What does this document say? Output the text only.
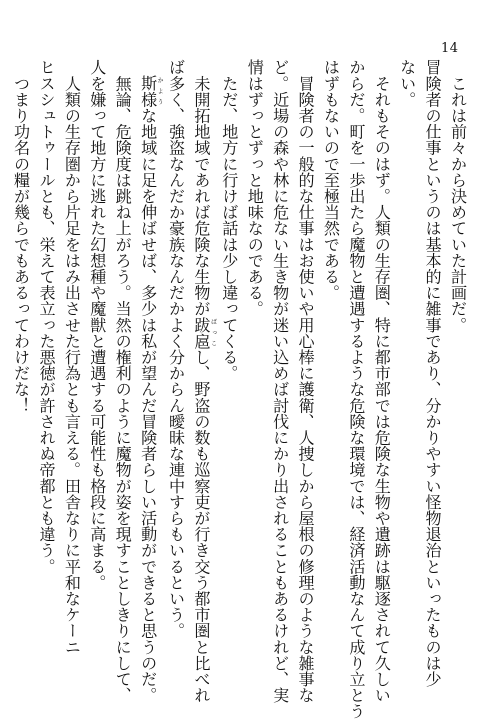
14
　これは前々から決めていた計画だ。
冒険者の仕事というのは基本的に雑事であり、分かりやすい怪物退治といったものは少
ない。
　それもそのはず。人類の生存圏、特に都市部では危険な生物や遺跡は駆逐されて久しい
からだ。町を一歩出たら魔物と遭遇するような危険な環境では、経済活動なんて成り立とう
はずもないので至極当然である。
　冒険者の一般的な仕事はお使いや用心棒に護衛、人捜しから屋根の修理のような雑事な
ど。近場の森や林に危ない生き物が迷い込めば討伐にかり出されることもあるけれど、実
情はずっとずっと地味なのである。
　ただ、地方に行けば話は少し違ってくる。
　未開拓地域であれば危険な生物が跋扈 ばっこし、野盗の数も巡察吏が行き交う都市圏と比べれ
ば多く、強盗なんだか豪族なんだかよく分からん曖昧な連中すらもいるという。
　斯様 かような地域に足を伸ばせば、多少は私が望んだ冒険者らしい活動ができると思うのだ。
　無論、危険度は跳ね上がろう。当然の権利のように魔物が姿を現すことしきりにして、
人を嫌って地方に逃れた幻想種や魔獣と遭遇する可能性も格段に高まる。
　人類の生存圏から片足をはみ出させた行為とも言える。田舎なりに平和なケーニ
ヒスシュトゥールとも、栄えて表立った悪徳が許されぬ帝都とも違う。
　つまり功名の糧が幾らでもあるってわけだな！
